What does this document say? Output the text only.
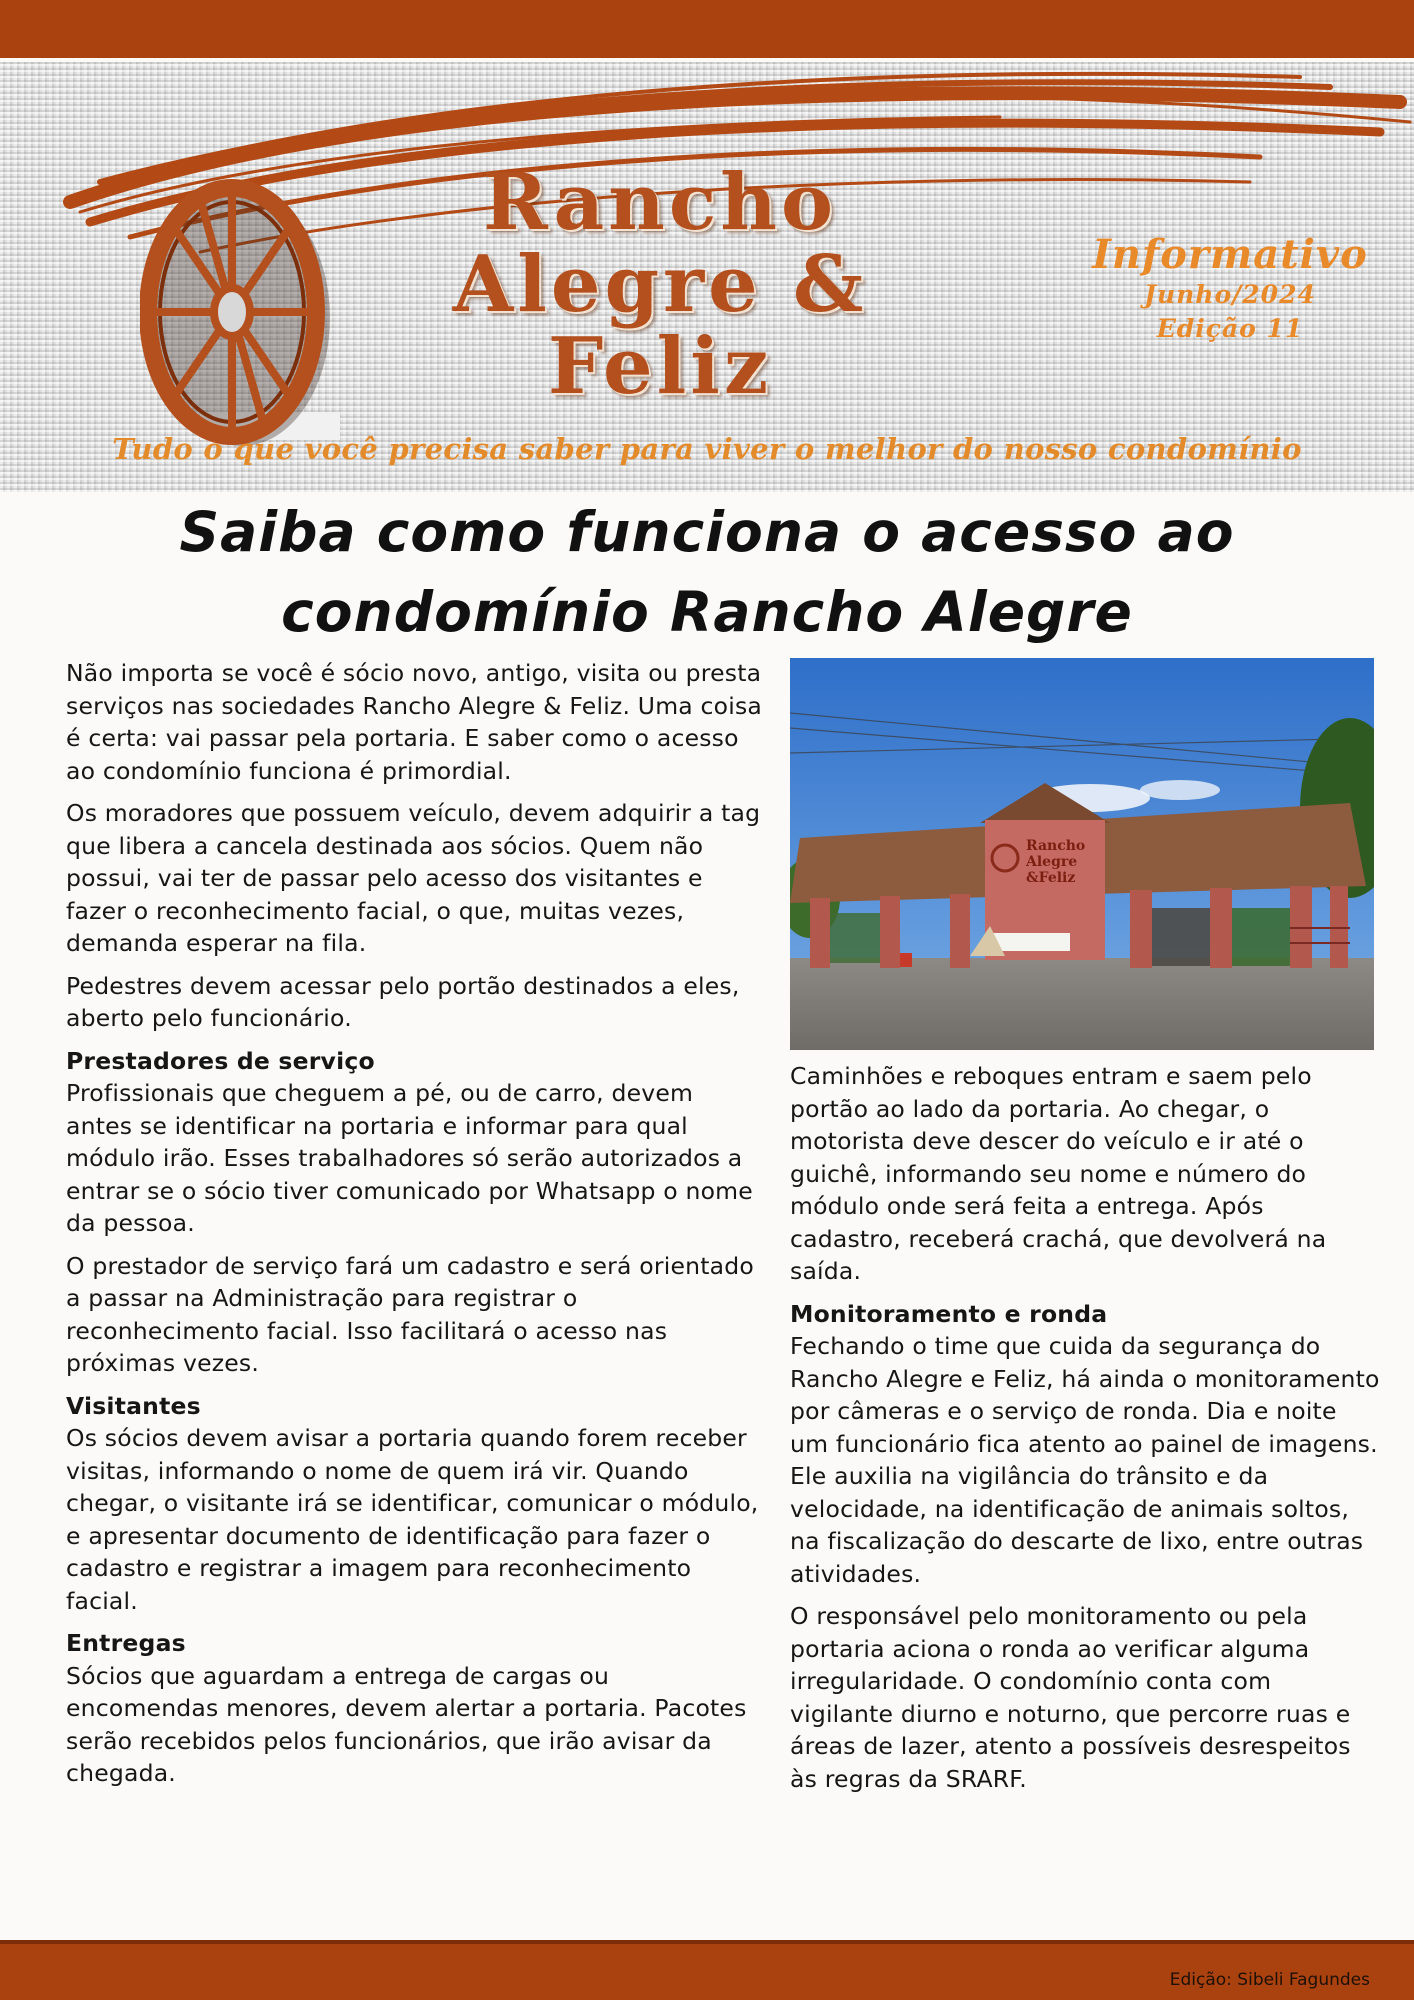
Rancho
Alegre &
Feliz
Informativo
Junho/2024
Edição 11
Tudo o que você precisa saber para viver o melhor do nosso condomínio
Saiba como funciona o acesso ao
condomínio Rancho Alegre

Não importa se você é sócio novo, antigo, visita ou presta serviços nas sociedades Rancho Alegre & Feliz. Uma coisa é certa: vai passar pela portaria. E saber como o acesso ao condomínio funciona é primordial.

Os moradores que possuem veículo, devem adquirir a tag que libera a cancela destinada aos sócios. Quem não possui, vai ter de passar pelo acesso dos visitantes e fazer o reconhecimento facial, o que, muitas vezes, demanda esperar na fila.

Pedestres devem acessar pelo portão destinados a eles, aberto pelo funcionário.

Prestadores de serviço

Profissionais que cheguem a pé, ou de carro, devem antes se identificar na portaria e informar para qual módulo irão. Esses trabalhadores só serão autorizados a entrar se o sócio tiver comunicado por Whatsapp o nome da pessoa.

O prestador de serviço fará um cadastro e será orientado a passar na Administração para registrar o reconhecimento facial. Isso facilitará o acesso nas próximas vezes.

Visitantes

Os sócios devem avisar a portaria quando forem receber visitas, informando o nome de quem irá vir. Quando chegar, o visitante irá se identificar, comunicar o módulo, e apresentar documento de identificação para fazer o cadastro e registrar a imagem para reconhecimento facial.

Entregas

Sócios que aguardam a entrega de cargas ou encomendas menores, devem alertar a portaria. Pacotes serão recebidos pelos funcionários, que irão avisar da chegada.

Rancho
Alegre
&Feliz

Caminhões e reboques entram e saem pelo portão ao lado da portaria. Ao chegar, o motorista deve descer do veículo e ir até o guichê, informando seu nome e número do módulo onde será feita a entrega. Após cadastro, receberá crachá, que devolverá na saída.

Monitoramento e ronda

Fechando o time que cuida da segurança do Rancho Alegre e Feliz, há ainda o monitoramento por câmeras e o serviço de ronda. Dia e noite um funcionário fica atento ao painel de imagens. Ele auxilia na vigilância do trânsito e da velocidade, na identificação de animais soltos, na fiscalização do descarte de lixo, entre outras atividades.

O responsável pelo monitoramento ou pela portaria aciona o ronda ao verificar alguma irregularidade. O condomínio conta com vigilante diurno e noturno, que percorre ruas e áreas de lazer, atento a possíveis desrespeitos às regras da SRARF.

Edição: Sibeli Fagundes
